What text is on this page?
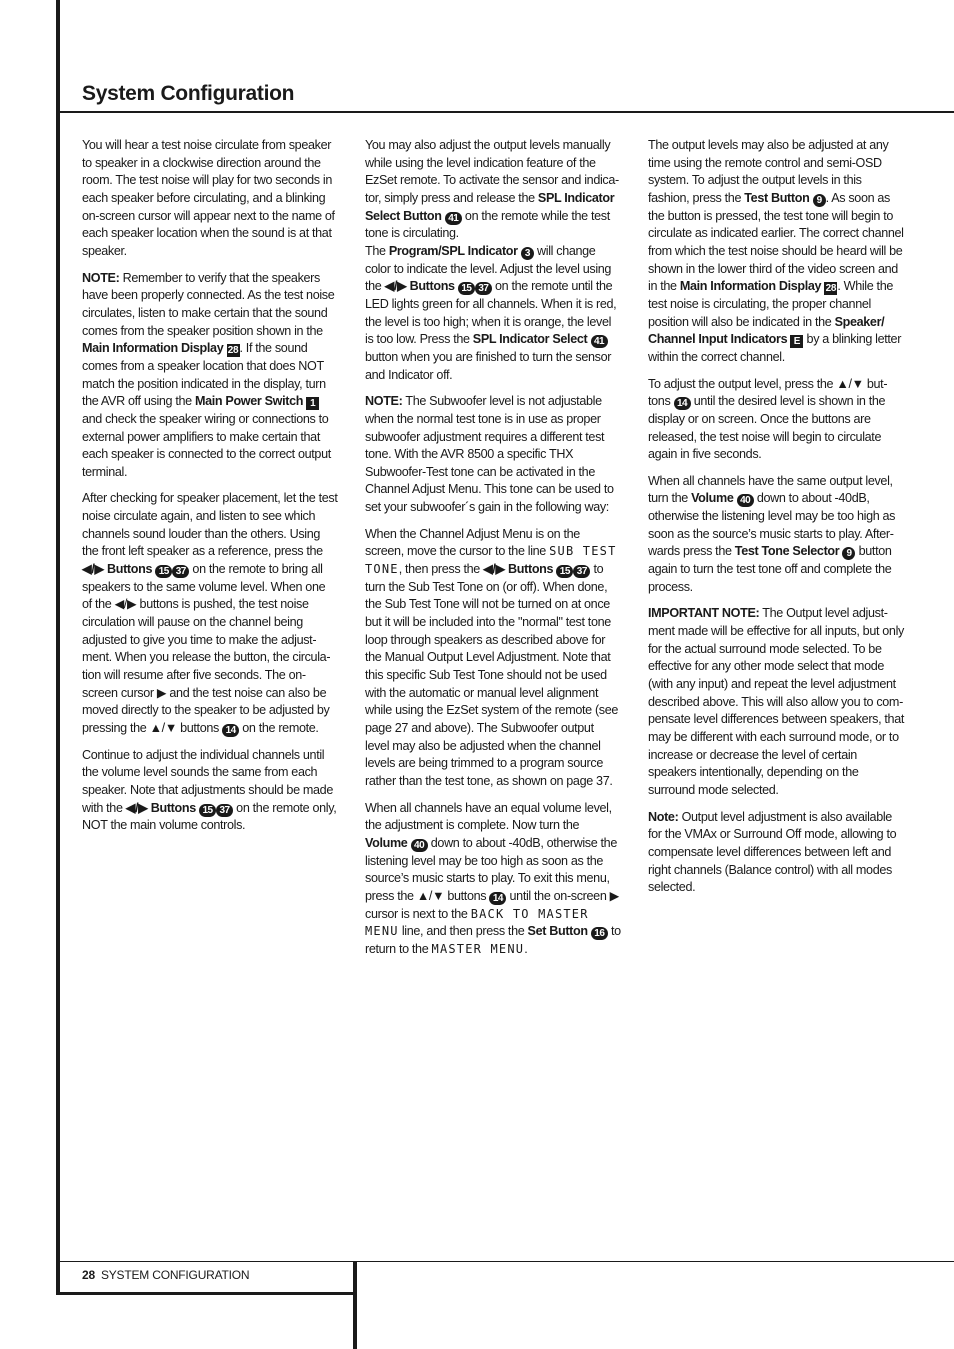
System Configuration

You will hear a test noise circulate from speaker to speaker in a clockwise direction around the room. The test noise will play for two seconds in each speaker before circulating, and a blinking on-screen cursor will appear next to the name of each speaker location when the sound is at that speaker.

NOTE: Remember to verify that the speakers have been properly connected. As the test noise circulates, listen to make certain that the sound comes from the speaker position shown in the Main Information Display 28. If the sound comes from a speaker location that does NOT match the position indicated in the display, turn the AVR off using the Main Power Switch 1 and check the speaker wiring or connections to external power amplifiers to make certain that each speaker is connected to the correct output terminal.

After checking for speaker placement, let the test noise circulate again, and listen to see which channels sound louder than the others. Using the front left speaker as a reference, press the ◀/▶ Buttons 15 37 on the remote to bring all speakers to the same volume level. When one of the ◀/▶ buttons is pushed, the test noise circulation will pause on the channel being adjusted to give you time to make the adjustment. When you release the button, the circulation will resume after five seconds. The on-screen cursor ▶ and the test noise can also be moved directly to the speaker to be adjusted by pressing the ▲/▼ buttons 14 on the remote.

Continue to adjust the individual channels until the volume level sounds the same from each speaker. Note that adjustments should be made with the ◀/▶ Buttons 15 37 on the remote only, NOT the main volume controls.

You may also adjust the output levels manually while using the level indication feature of the EzSet remote. To activate the sensor and indicator, simply press and release the SPL Indicator Select Button 41 on the remote while the test tone is circulating.
The Program/SPL Indicator 3 will change color to indicate the level. Adjust the level using the ◀/▶ Buttons 15 37 on the remote until the LED lights green for all channels. When it is red, the level is too high; when it is orange, the level is too low. Press the SPL Indicator Select 41 button when you are finished to turn the sensor and Indicator off.

NOTE: The Subwoofer level is not adjustable when the normal test tone is in use as proper subwoofer adjustment requires a different test tone. With the AVR 8500 a specific THX Subwoofer-Test tone can be activated in the Channel Adjust Menu. This tone can be used to set your subwoofer´s gain in the following way:

When the Channel Adjust Menu is on the screen, move the cursor to the line SUB TEST TONE, then press the ◀/▶ Buttons 15 37 to turn the Sub Test Tone on (or off). When done, the Sub Test Tone will not be turned on at once but it will be included into the "normal" test tone loop through speakers as described above for the Manual Output Level Adjustment. Note that this specific Sub Test Tone should not be used with the automatic or manual level alignment while using the EzSet system of the remote (see page 27 and above). The Subwoofer output level may also be adjusted when the channel levels are being trimmed to a program source rather than the test tone, as shown on page 37.

When all channels have an equal volume level, the adjustment is complete. Now turn the Volume 40 down to about -40dB, otherwise the listening level may be too high as soon as the source’s music starts to play. To exit this menu, press the ▲/▼ buttons 14 until the on-screen ▶ cursor is next to the BACK TO MASTER MENU line, and then press the Set Button 16 to return to the MASTER MENU.

The output levels may also be adjusted at any time using the remote control and semi-OSD system. To adjust the output levels in this fashion, press the Test Button 9 . As soon as the button is pressed, the test tone will begin to circulate as indicated earlier. The correct channel from which the test noise should be heard will be shown in the lower third of the video screen and in the Main Information Display 28. While the test noise is circulating, the proper channel position will also be indicated in the Speaker/ Channel Input Indicators E by a blinking letter within the correct channel.

To adjust the output level, press the ▲/▼ buttons 14 until the desired level is shown in the display or on screen. Once the buttons are released, the test noise will begin to circulate again in five seconds.

When all channels have the same output level, turn the Volume 40 down to about -40dB, otherwise the listening level may be too high as soon as the source’s music starts to play. Afterwards press the Test Tone Selector 9 button again to turn the test tone off and complete the process.

IMPORTANT NOTE: The Output level adjustment made will be effective for all inputs, but only for the actual surround mode selected. To be effective for any other mode select that mode (with any input) and repeat the level adjustment described above. This will also allow you to compensate level differences between speakers, that may be different with each surround mode, or to increase or decrease the level of certain speakers intentionally, depending on the surround mode selected.

Note: Output level adjustment is also available for the VMAx or Surround Off mode, allowing to compensate level differences between left and right channels (Balance control) with all modes selected.

28 SYSTEM CONFIGURATION
